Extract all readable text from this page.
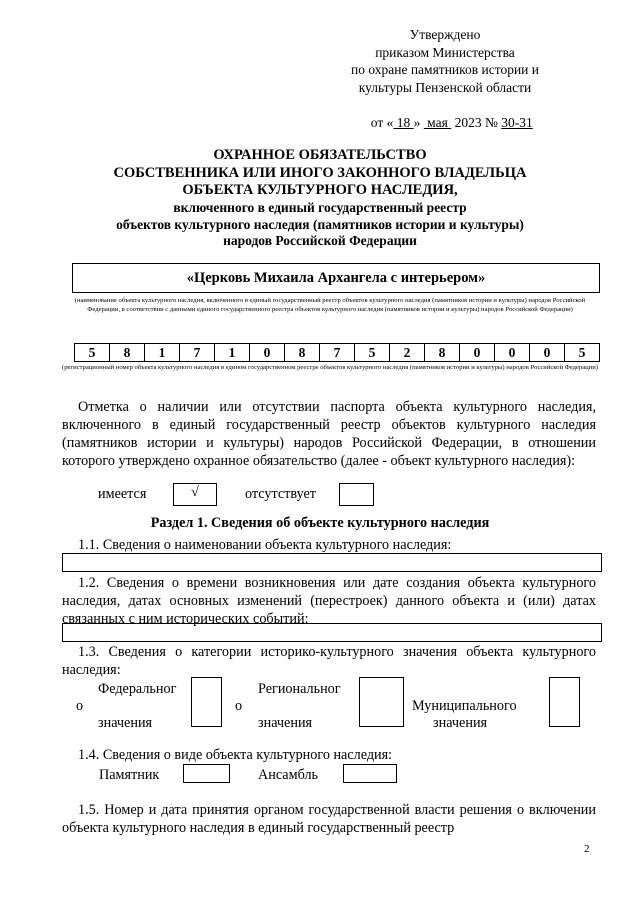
Утверждено
приказом Министерства
по охране памятников истории и
культуры Пензенской области

от « 18 »  мая  2023 № 30-31

ОХРАННОЕ ОБЯЗАТЕЛЬСТВО
СОБСТВЕННИКА ИЛИ ИНОГО ЗАКОННОГО ВЛАДЕЛЬЦА
ОБЪЕКТА КУЛЬТУРНОГО НАСЛЕДИЯ,
включенного в единый государственный реестр
объектов культурного наследия (памятников истории и культуры)
народов Российской Федерации
«Церковь Михаила Архангела с интерьером»
(наименование объекта культурного наследия, включенного в единый государственный реестр объектов культурного наследия (памятников истории и культуры) народов Российской Федерации, в соответствии с данными единого государственного реестра объектов культурного наследия (памятников истории и культуры) народов Российской Федерации)
5	8	1	7	1	0	8	7	5	2	8	0	0	0	5
(регистрационный номер объекта культурного наследия в едином государственном реестре объектов культурного наследия (памятников истории и культуры) народов Российской Федерации)
Отметка о наличии или отсутствии паспорта объекта культурного наследия, включенного в единый государственный реестр объектов культурного наследия (памятников истории и культуры) народов Российской Федерации, в отношении которого утверждено охранное обязательство (далее - объект культурного наследия):
имеется	√	отсутствует
Раздел 1. Сведения об объекте культурного наследия
1.1. Сведения о наименовании объекта культурного наследия:
1.2. Сведения о времени возникновения или дате создания объекта культурного наследия, датах основных изменений (перестроек) данного объекта и (или) датах связанных с ним исторических событий:
1.3. Сведения о категории историко-культурного значения объекта культурного наследия:
Федеральног
о
значения
Региональног
о
значения
Муниципального
значения
1.4. Сведения о виде объекта культурного наследия:
Памятник	Ансамбль
1.5. Номер и дата принятия органом государственной власти решения о включении объекта культурного наследия в единый государственный реестр
2
